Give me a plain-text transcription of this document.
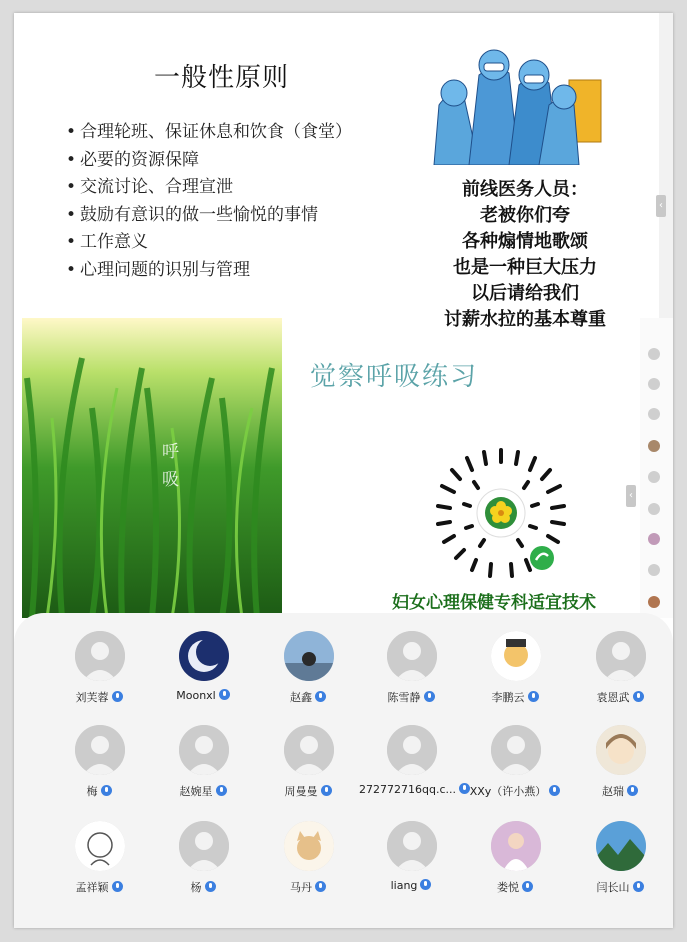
一般性原则
• 合理轮班、保证休息和饮食（食堂）
• 必要的资源保障
• 交流讨论、合理宣泄
• 鼓励有意识的做一些愉悦的事情
• 工作意义
• 心理问题的识别与管理
前线医务人员：
老被你们夸
各种煽情地歌颂
也是一种巨大压力
以后请给我们
讨薪水拉的基本尊重
‹
呼
吸
觉察呼吸练习
妇女心理保健专科适宜技术
‹
刘芙蓉	Moonxl	赵鑫	陈雪静	李鹏云	袁恩武
梅	赵婉星	周曼曼	272772716qq.c...	XXy（许小燕）	赵瑞
孟祥颖	杨	马丹	liang	娄悦	闫长山
